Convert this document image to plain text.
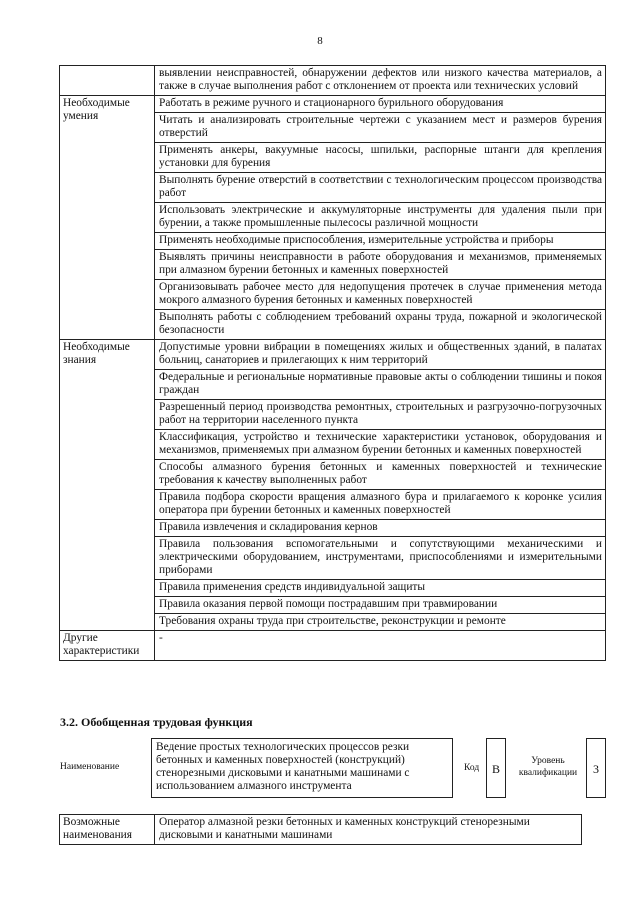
8
	выявлении неисправностей, обнаружении дефектов или низкого качества материалов, а также в случае выполнения работ с отклонением от проекта или технических условий
Необходимые умения	Работать в режиме ручного и стационарного бурильного оборудования
	Читать и анализировать строительные чертежи с указанием мест и размеров бурения отверстий
	Применять анкеры, вакуумные насосы, шпильки, распорные штанги для крепления установки для бурения
	Выполнять бурение отверстий в соответствии с технологическим процессом производства работ
	Использовать электрические и аккумуляторные инструменты для удаления пыли при бурении, а также промышленные пылесосы различной мощности
	Применять необходимые приспособления, измерительные устройства и приборы
	Выявлять причины неисправности в работе оборудования и механизмов, применяемых при алмазном бурении бетонных и каменных поверхностей
	Организовывать рабочее место для недопущения протечек в случае применения метода мокрого алмазного бурения бетонных и каменных поверхностей
	Выполнять работы с соблюдением требований охраны труда, пожарной и экологической безопасности
Необходимые знания	Допустимые уровни вибрации в помещениях жилых и общественных зданий, в палатах больниц, санаториев и прилегающих к ним территорий
	Федеральные и региональные нормативные правовые акты о соблюдении тишины и покоя граждан
	Разрешенный период производства ремонтных, строительных и разгрузочно-погрузочных работ на территории населенного пункта
	Классификация, устройство и технические характеристики установок, оборудования и механизмов, применяемых при алмазном бурении бетонных и каменных поверхностей
	Способы алмазного бурения бетонных и каменных поверхностей и технические требования к качеству выполненных работ
	Правила подбора скорости вращения алмазного бура и прилагаемого к коронке усилия оператора при бурении бетонных и каменных поверхностей
	Правила извлечения и складирования кернов
	Правила пользования вспомогательными и сопутствующими механическими и электрическими оборудованием, инструментами, приспособлениями и измерительными приборами
	Правила применения средств индивидуальной защиты
	Правила оказания первой помощи пострадавшим при травмировании
	Требования охраны труда при строительстве, реконструкции и ремонте
Другие характеристики	-
3.2. Обобщенная трудовая функция
Наименование
Ведение простых технологических процессов резки бетонных и каменных поверхностей (конструкций) стенорезными дисковыми и канатными машинами с использованием алмазного инструмента
Код	B
Уровень квалификации	3
Возможные наименования	Оператор алмазной резки бетонных и каменных конструкций стенорезными дисковыми и канатными машинами
